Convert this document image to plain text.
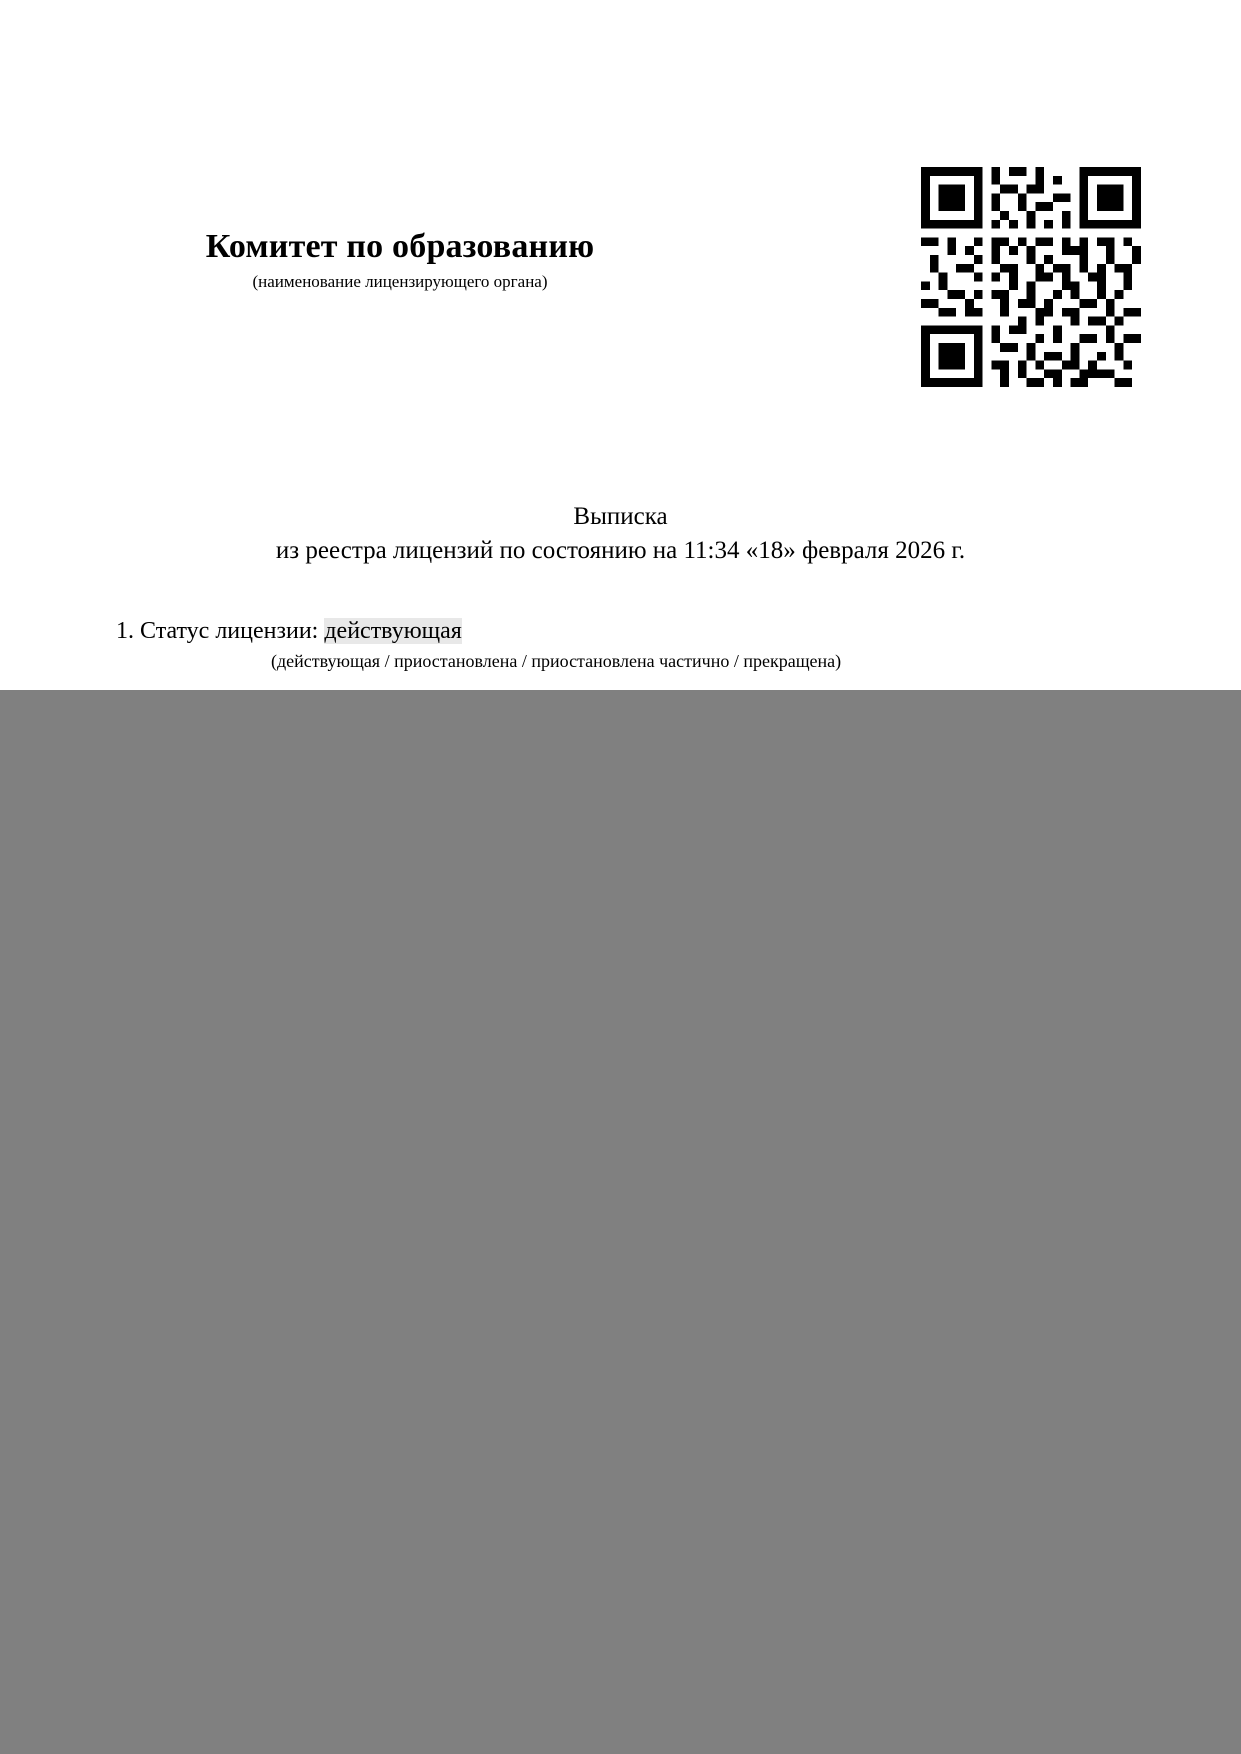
Комитет по образованию
(наименование лицензирующего органа)
Выписка
из реестра лицензий по состоянию на 11:34 «18» февраля 2026 г.
1. Статус лицензии: действующая
(действующая / приостановлена / приостановлена частично / прекращена)
